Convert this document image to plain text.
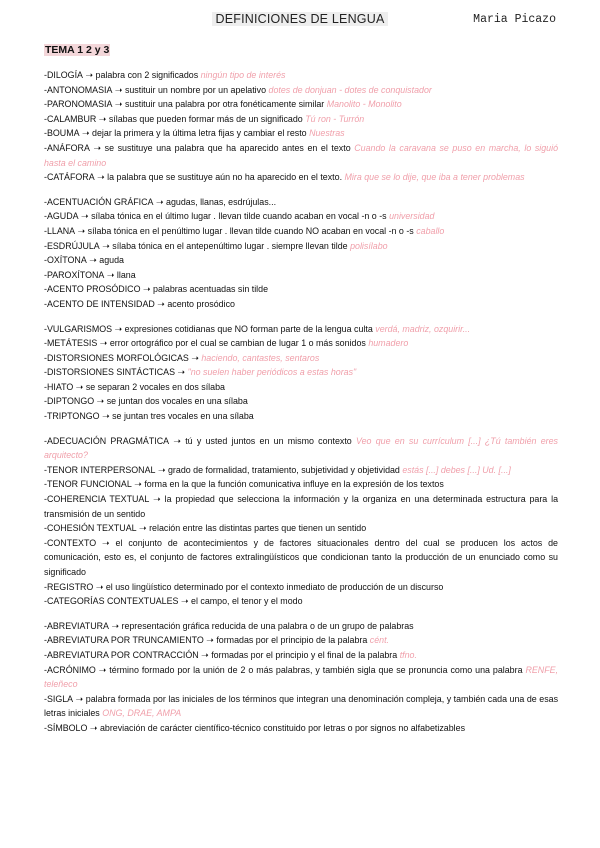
DEFINICIONES DE LENGUA	Maria Picazo
TEMA 1 2 y 3

-DILOGÍA ➝ palabra con 2 significados ningún tipo de interés

-ANTONOMASIA ➝ sustituir un nombre por un apelativo dotes de donjuan - dotes de conquistador

-PARONOMASIA ➝ sustituir una palabra por otra fonéticamente similar Manolito - Monolito

-CALAMBUR ➝ sílabas que pueden formar más de un significado Tú ron - Turrón

-BOUMA ➝ dejar la primera y la última letra fijas y cambiar el resto Nuestras

-ANÁFORA ➝ se sustituye una palabra que ha aparecido antes en el texto Cuando la caravana se puso en marcha, lo siguió hasta el camino

-CATÁFORA ➝ la palabra que se sustituye aún no ha aparecido en el texto. Mira que se lo dije, que iba a tener problemas

-ACENTUACIÓN GRÁFICA ➝ agudas, llanas, esdrújulas...

-AGUDA ➝ sílaba tónica en el último lugar . llevan tilde cuando acaban en vocal -n o -s universidad

-LLANA ➝ sílaba tónica en el penúltimo lugar . llevan tilde cuando NO acaban en vocal -n o -s caballo

-ESDRÚJULA ➝ sílaba tónica en el antepenúltimo lugar . siempre llevan tilde polisílabo

-OXÍTONA ➝ aguda

-PAROXÍTONA ➝ llana

-ACENTO PROSÓDICO ➝ palabras acentuadas sin tilde

-ACENTO DE INTENSIDAD ➝ acento prosódico

-VULGARISMOS ➝ expresiones cotidianas que NO forman parte de la lengua culta verdá, madriz, ozquirir...

-METÁTESIS ➝ error ortográfico por el cual se cambian de lugar 1 o más sonidos humadero

-DISTORSIONES MORFOLÓGICAS ➝ haciendo, cantastes, sentaros

-DISTORSIONES SINTÁCTICAS ➝ "no suelen haber periódicos a estas horas"

-HIATO ➝ se separan 2 vocales en dos sílaba

-DIPTONGO ➝ se juntan dos vocales en una sílaba

-TRIPTONGO ➝ se juntan tres vocales en una sílaba

-ADECUACIÓN PRAGMÁTICA ➝ tú y usted juntos en un mismo contexto Veo que en su currículum [...] ¿Tú también eres arquitecto?

-TENOR INTERPERSONAL ➝ grado de formalidad, tratamiento, subjetividad y objetividad estás [...] debes [...] Ud. [...]

-TENOR FUNCIONAL ➝ forma en la que la función comunicativa influye en la expresión de los textos

-COHERENCIA TEXTUAL ➝ la propiedad que selecciona la información y la organiza en una determinada estructura para la transmisión de un sentido

-COHESIÓN TEXTUAL ➝ relación entre las distintas partes que tienen un sentido

-CONTEXTO ➝ el conjunto de acontecimientos y de factores situacionales dentro del cual se producen los actos de comunicación, esto es, el conjunto de factores extralingüísticos que condicionan tanto la producción de un enunciado como su significado

-REGISTRO ➝ el uso lingüístico determinado por el contexto inmediato de producción de un discurso

-CATEGORÍAS CONTEXTUALES ➝ el campo, el tenor y el modo

-ABREVIATURA ➝ representación gráfica reducida de una palabra o de un grupo de palabras

-ABREVIATURA POR TRUNCAMIENTO ➝ formadas por el principio de la palabra cént.

-ABREVIATURA POR CONTRACCIÓN ➝ formadas por el principio y el final de la palabra tfno.

-ACRÓNIMO ➝ término formado por la unión de 2 o más palabras, y también sigla que se pronuncia como una palabra RENFE, teleñeco

-SIGLA ➝ palabra formada por las iniciales de los términos que integran una denominación compleja, y también cada una de esas letras iniciales ONG, DRAE, AMPA

-SÍMBOLO ➝ abreviación de carácter científico-técnico constituido por letras o por signos no alfabetizables
